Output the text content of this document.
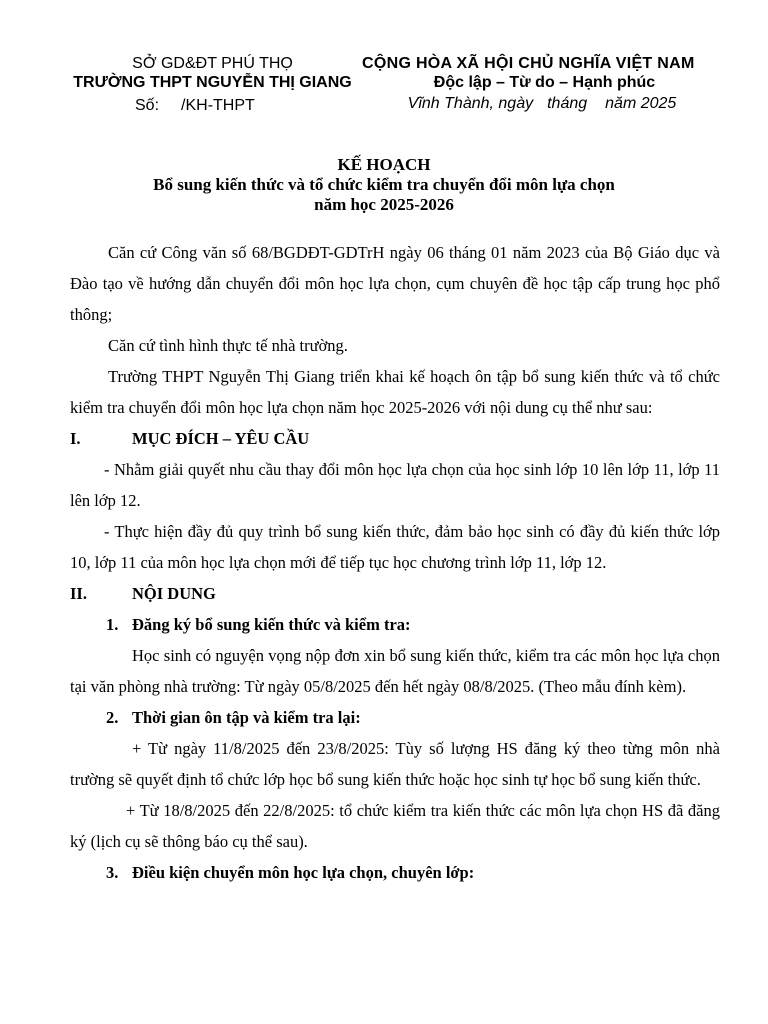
SỞ GD&ĐT PHÚ THỌ
TRƯỜNG THPT NGUYỄN THỊ GIANG
Số: /KH-THPT
CỘNG HÒA XÃ HỘI CHỦ NGHĨA VIỆT NAM
Độc lập – Từ do – Hạnh phúc
Vĩnh Thành, ngày tháng năm 2025
KẾ HOẠCH
Bổ sung kiến thức và tổ chức kiểm tra chuyển đổi môn lựa chọn
năm học 2025-2026

Căn cứ Công văn số 68/BGDĐT-GDTrH ngày 06 tháng 01 năm 2023 của Bộ Giáo dục và Đào tạo về hướng dẫn chuyển đổi môn học lựa chọn, cụm chuyên đề học tập cấp trung học phổ thông;

Căn cứ tình hình thực tế nhà trường.

Trường THPT Nguyễn Thị Giang triển khai kế hoạch ôn tập bổ sung kiến thức và tổ chức kiểm tra chuyển đổi môn học lựa chọn năm học 2025-2026 với nội dung cụ thể như sau:

I.	MỤC ĐÍCH – YÊU CẦU

- Nhằm giải quyết nhu cầu thay đổi môn học lựa chọn của học sinh lớp 10 lên lớp 11, lớp 11 lên lớp 12.

- Thực hiện đầy đủ quy trình bổ sung kiến thức, đảm bảo học sinh có đầy đủ kiến thức lớp 10, lớp 11 của môn học lựa chọn mới để tiếp tục học chương trình lớp 11, lớp 12.

II.	NỘI DUNG
1. Đăng ký bổ sung kiến thức và kiểm tra:

Học sinh có nguyện vọng nộp đơn xin bổ sung kiến thức, kiểm tra các môn học lựa chọn tại văn phòng nhà trường: Từ ngày 05/8/2025 đến hết ngày 08/8/2025. (Theo mẫu đính kèm).

2. Thời gian ôn tập và kiểm tra lại:

+ Từ ngày 11/8/2025 đến 23/8/2025: Tùy số lượng HS đăng ký theo từng môn nhà trường sẽ quyết định tổ chức lớp học bổ sung kiến thức hoặc học sinh tự học bổ sung kiến thức.

+ Từ 18/8/2025 đến 22/8/2025: tổ chức kiểm tra kiến thức các môn lựa chọn HS đã đăng ký (lịch cụ sẽ thông báo cụ thể sau).

3. Điều kiện chuyển môn học lựa chọn, chuyên lớp:
